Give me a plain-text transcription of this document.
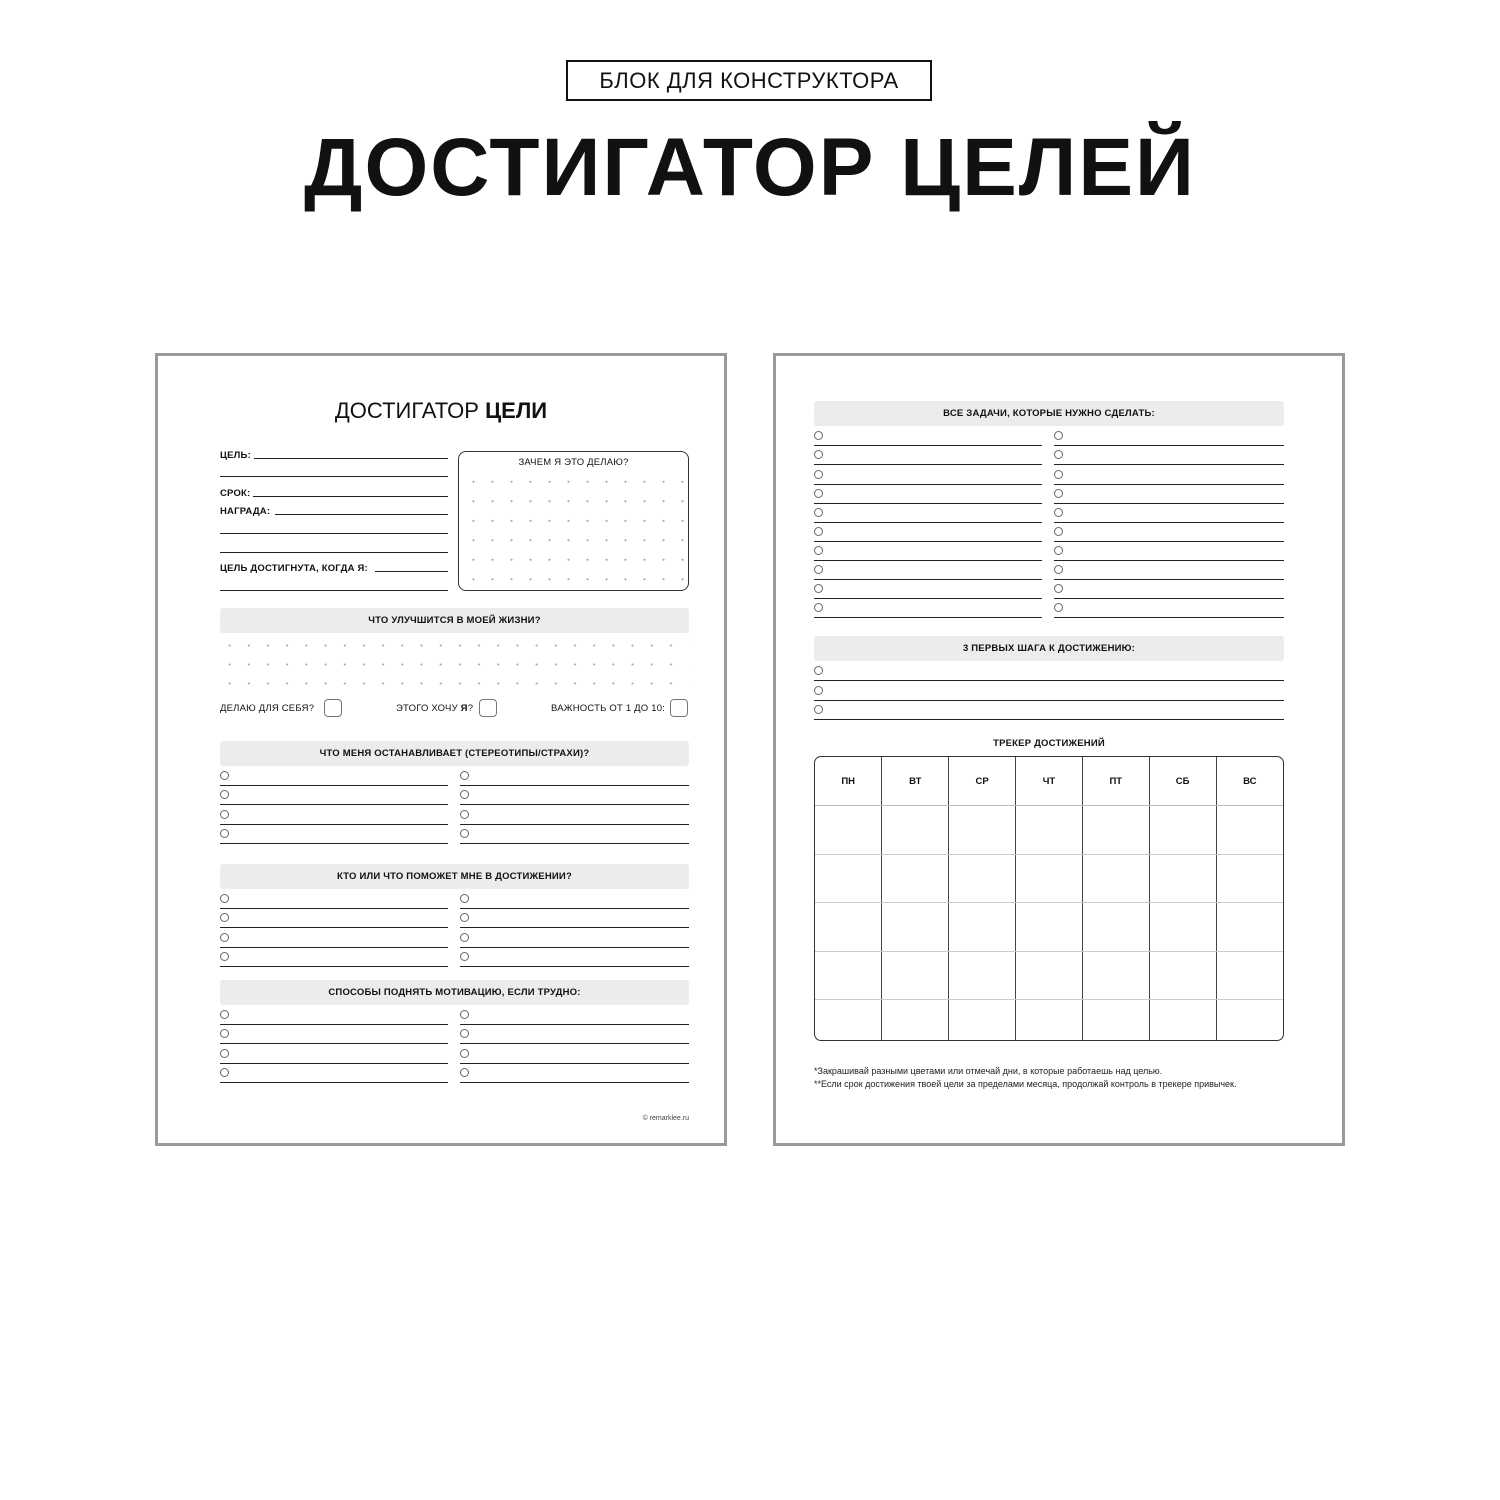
БЛОК ДЛЯ КОНСТРУКТОРА
ДОСТИГАТОР ЦЕЛЕЙ
ДОСТИГАТОР ЦЕЛИ
ЦЕЛЬ:
СРОК:
НАГРАДА:
ЦЕЛЬ ДОСТИГНУТА, КОГДА Я:
ЗАЧЕМ Я ЭТО ДЕЛАЮ?
ЧТО УЛУЧШИТСЯ В МОЕЙ ЖИЗНИ?
ДЕЛАЮ ДЛЯ СЕБЯ?	ЭТОГО ХОЧУ Я?	ВАЖНОСТЬ ОТ 1 ДО 10:
ЧТО МЕНЯ ОСТАНАВЛИВАЕТ (СТЕРЕОТИПЫ/СТРАХИ)?
КТО ИЛИ ЧТО ПОМОЖЕТ МНЕ В ДОСТИЖЕНИИ?
СПОСОБЫ ПОДНЯТЬ МОТИВАЦИЮ, ЕСЛИ ТРУДНО:
© remarklee.ru
ВСЕ ЗАДАЧИ, КОТОРЫЕ НУЖНО СДЕЛАТЬ:
3 ПЕРВЫХ ШАГА К ДОСТИЖЕНИЮ:
ТРЕКЕР ДОСТИЖЕНИЙ
ПН	ВТ	СР	ЧТ	ПТ	СБ	ВС

*Закрашивай разными цветами или отмечай дни, в которые работаешь над целью.
**Если срок достижения твоей цели за пределами месяца, продолжай контроль в трекере привычек.
